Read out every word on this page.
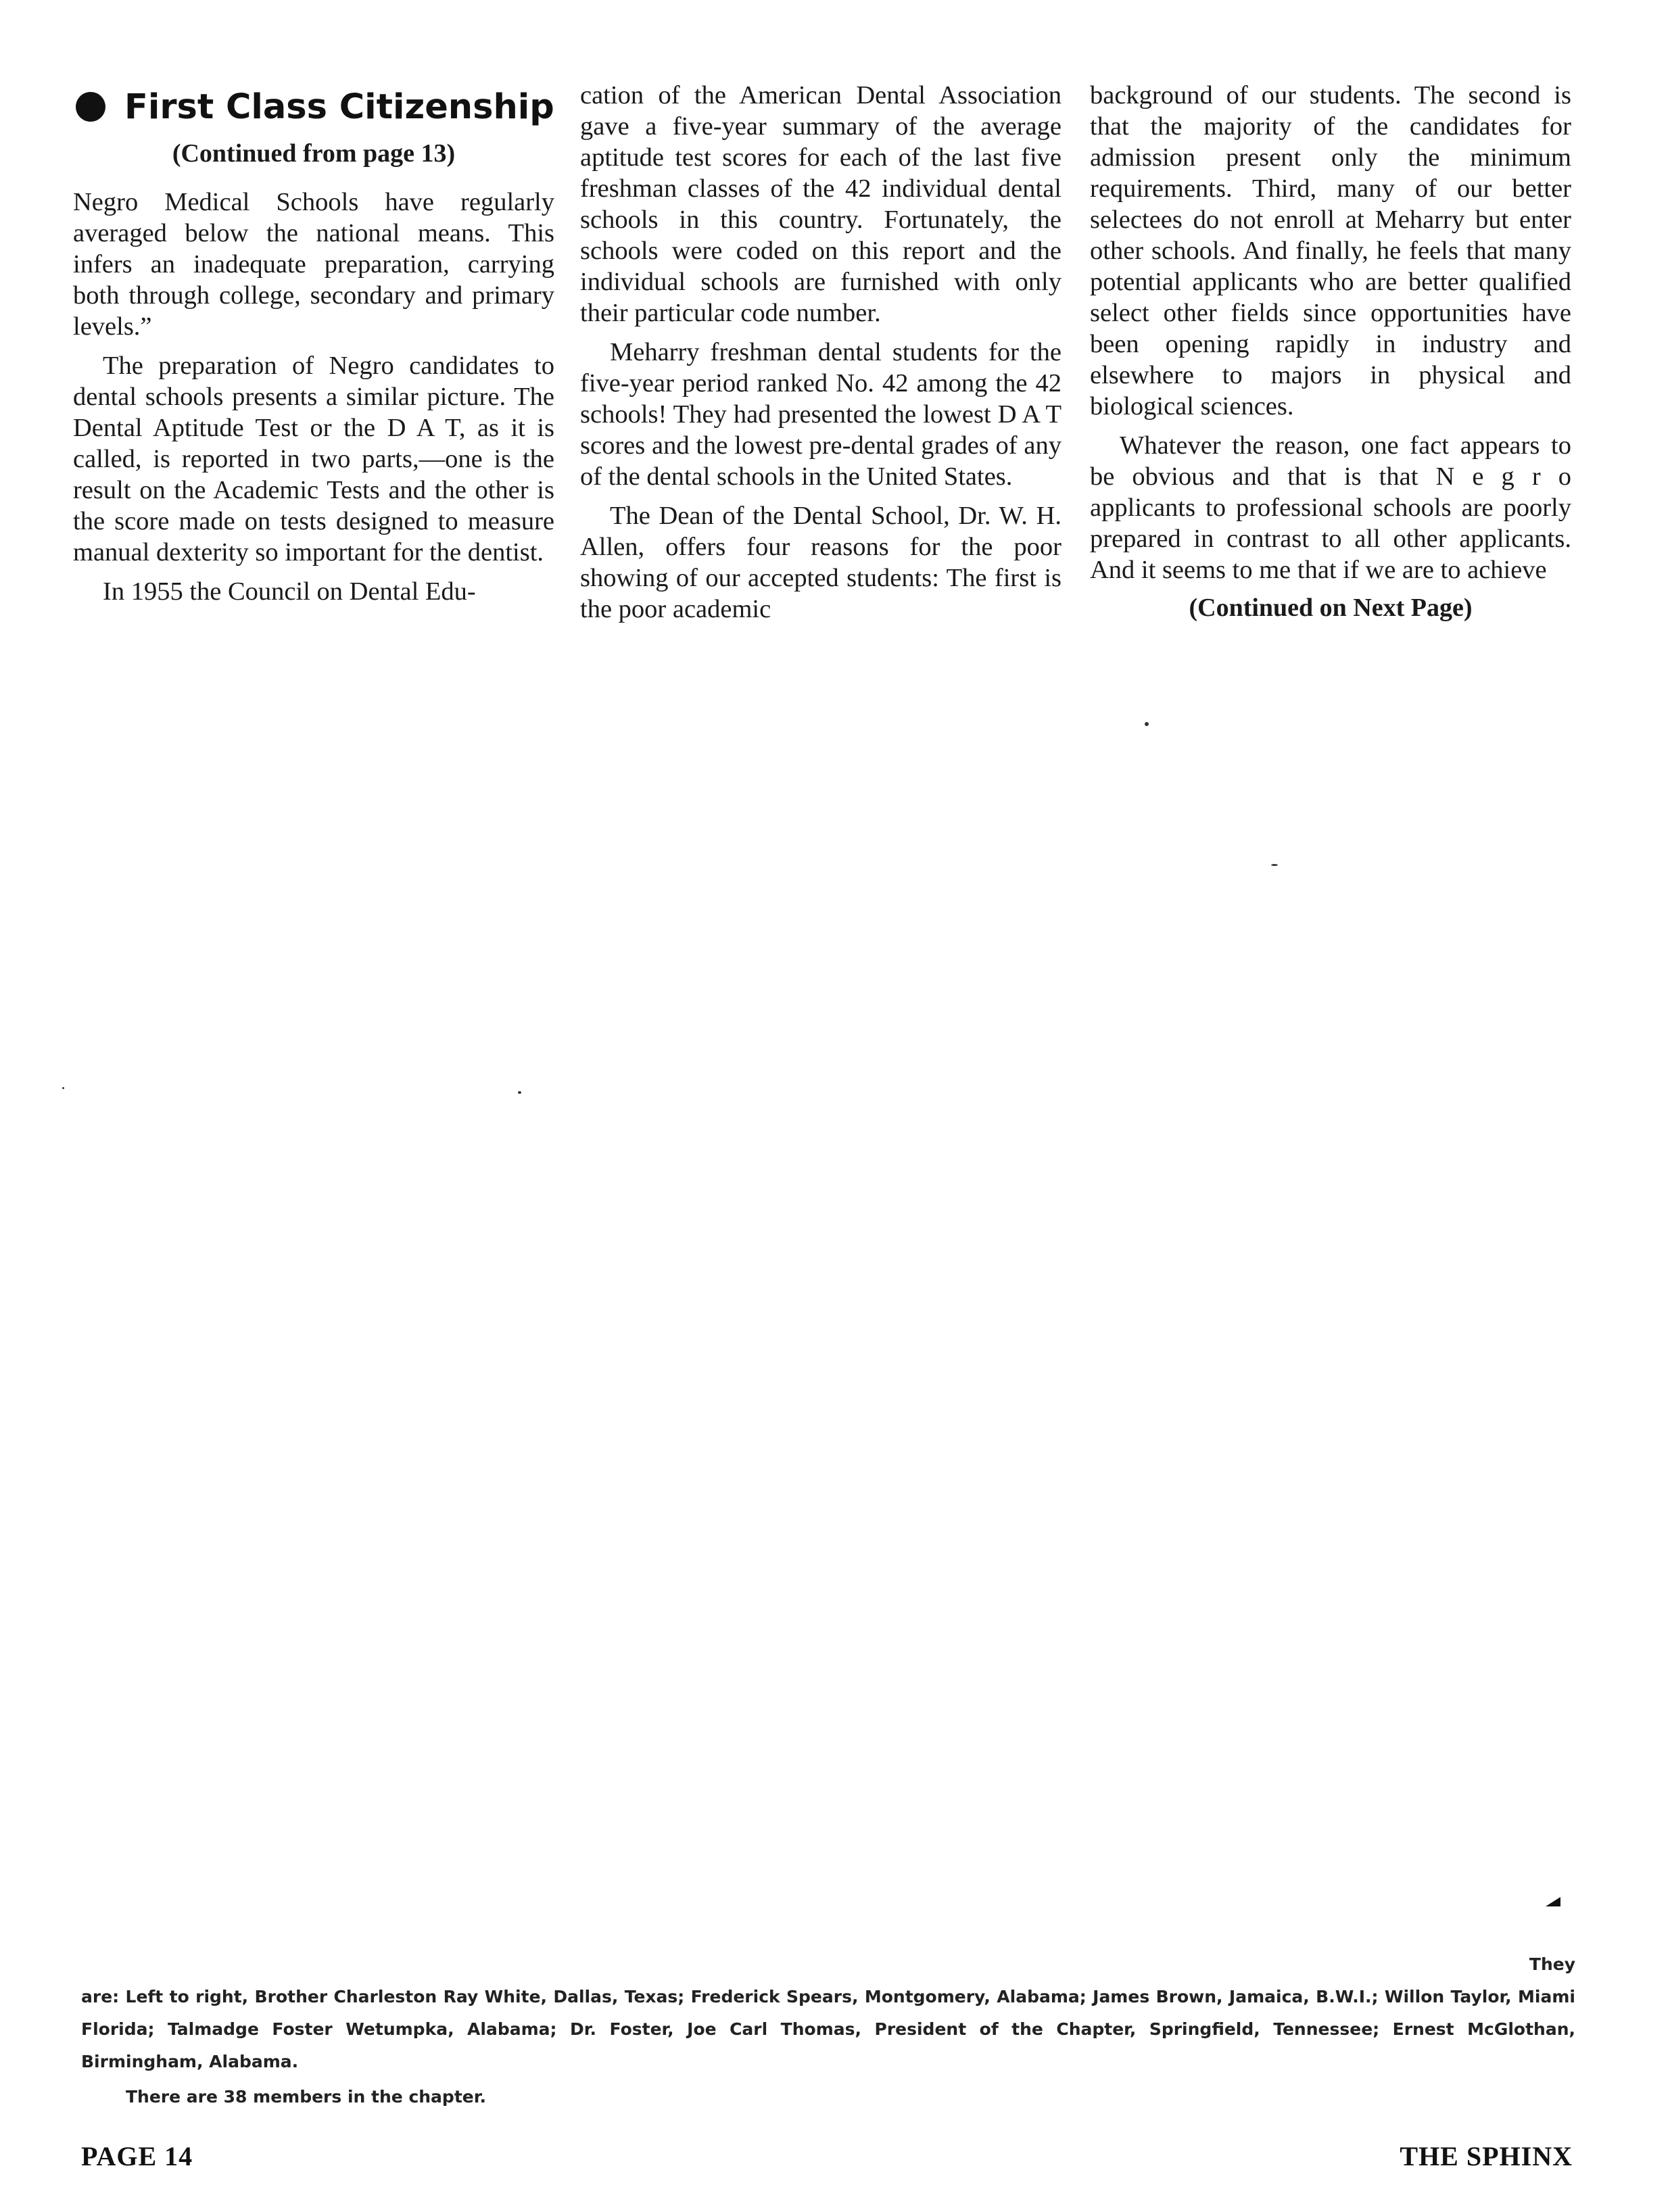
First Class Citizenship
(Continued from page 13)

Negro Medical Schools have regularly averaged below the national means. This infers an inadequate preparation, carrying both through college, secondary and primary levels.”

The preparation of Negro candidates to dental schools presents a similar picture. The Dental Aptitude Test or the D A T, as it is called, is reported in two parts,—one is the result on the Academic Tests and the other is the score made on tests designed to measure manual dexterity so important for the dentist.

In 1955 the Council on Dental Edu-

cation of the American Dental Association gave a five-year summary of the average aptitude test scores for each of the last five freshman classes of the 42 individual dental schools in this country. Fortunately, the schools were coded on this report and the individual schools are furnished with only their particular code number.

Meharry freshman dental students for the five-year period ranked No. 42 among the 42 schools! They had presented the lowest D A T scores and the lowest pre-dental grades of any of the dental schools in the United States.

The Dean of the Dental School, Dr. W. H. Allen, offers four reasons for the poor showing of our accepted students: The first is the poor academic

background of our students. The second is that the majority of the candidates for admission present only the minimum requirements. Third, many of our better selectees do not enroll at Meharry but enter other schools. And finally, he feels that many potential applicants who are better qualified select other fields since opportunities have been opening rapidly in industry and elsewhere to majors in physical and biological sciences.

Whatever the reason, one fact appears to be obvious and that is that N e g r o applicants to professional schools are poorly prepared in contrast to all other applicants. And it seems to me that if we are to achieve

(Continued on Next Page)
They
are: Left to right, Brother Charleston Ray White, Dallas, Texas; Frederick Spears, Montgomery, Alabama; James Brown, Jamaica, B.W.I.; Willon Taylor, Miami Florida; Talmadge Foster Wetumpka, Alabama; Dr. Foster, Joe Carl Thomas, President of the Chapter, Springfield, Tennessee; Ernest McGlothan, Birmingham, Alabama.
There are 38 members in the chapter.
PAGE 14	THE SPHINX
